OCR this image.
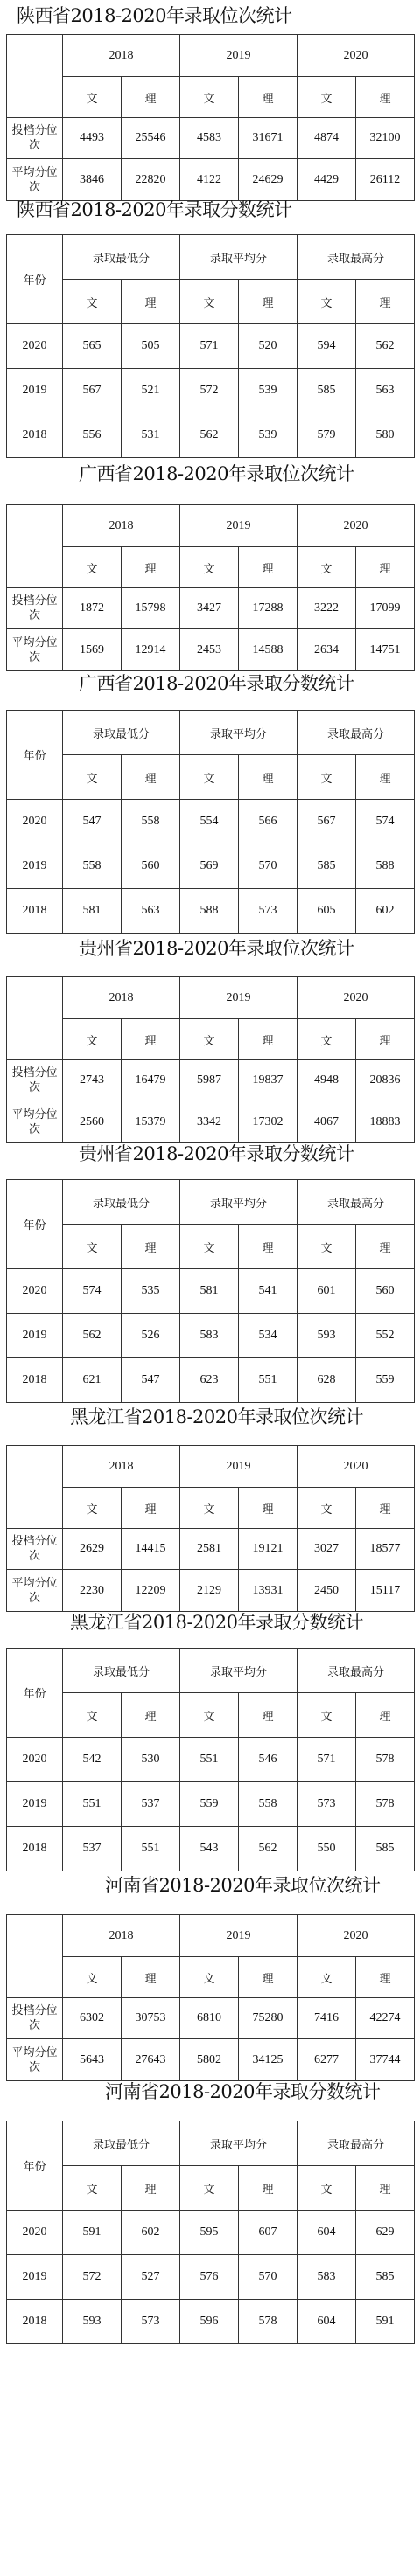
陕西省2018-2020年录取位次统计
	2018		2019		2020	
	文	理	文	理	文	理
投档分位次	4493	25546	4583	31671	4874	32100
平均分位次	3846	22820	4122	24629	4429	26112
陕西省2018-2020年录取分数统计
年份	录取最低分		录取平均分		录取最高分	
	文	理	文	理	文	理
2020	565	505	571	520	594	562
2019	567	521	572	539	585	563
2018	556	531	562	539	579	580
广西省2018-2020年录取位次统计
	2018		2019		2020	
	文	理	文	理	文	理
投档分位次	1872	15798	3427	17288	3222	17099
平均分位次	1569	12914	2453	14588	2634	14751
广西省2018-2020年录取分数统计
年份	录取最低分		录取平均分		录取最高分	
	文	理	文	理	文	理
2020	547	558	554	566	567	574
2019	558	560	569	570	585	588
2018	581	563	588	573	605	602
贵州省2018-2020年录取位次统计
	2018		2019		2020	
	文	理	文	理	文	理
投档分位次	2743	16479	5987	19837	4948	20836
平均分位次	2560	15379	3342	17302	4067	18883
贵州省2018-2020年录取分数统计
年份	录取最低分		录取平均分		录取最高分	
	文	理	文	理	文	理
2020	574	535	581	541	601	560
2019	562	526	583	534	593	552
2018	621	547	623	551	628	559
黑龙江省2018-2020年录取位次统计
	2018		2019		2020	
	文	理	文	理	文	理
投档分位次	2629	14415	2581	19121	3027	18577
平均分位次	2230	12209	2129	13931	2450	15117
黑龙江省2018-2020年录取分数统计
年份	录取最低分		录取平均分		录取最高分	
	文	理	文	理	文	理
2020	542	530	551	546	571	578
2019	551	537	559	558	573	578
2018	537	551	543	562	550	585
河南省2018-2020年录取位次统计
	2018		2019		2020	
	文	理	文	理	文	理
投档分位次	6302	30753	6810	75280	7416	42274
平均分位次	5643	27643	5802	34125	6277	37744
河南省2018-2020年录取分数统计
年份	录取最低分		录取平均分		录取最高分	
	文	理	文	理	文	理
2020	591	602	595	607	604	629
2019	572	527	576	570	583	585
2018	593	573	596	578	604	591
